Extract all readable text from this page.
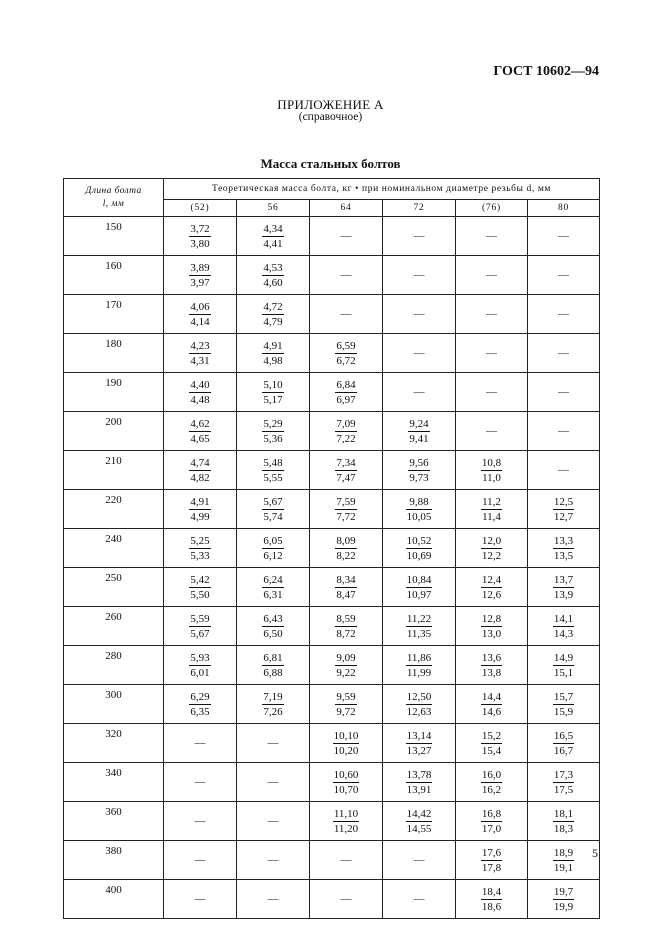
ГОСТ 10602—94
ПРИЛОЖЕНИЕ А
(справочное)
Масса стальных болтов
Длина болта
l, мм	Теоретическая масса болта, кг • при номинальном диаметре резьбы d, мм					
	(52)	56	64	72	(76)	80
150	$\frac{3,72}{3,80}$	$\frac{4,34}{4,41}$	—	—	—	—
160	$\frac{3,89}{3,97}$	$\frac{4,53}{4,60}$	—	—	—	—
170	$\frac{4,06}{4,14}$	$\frac{4,72}{4,79}$	—	—	—	—
180	$\frac{4,23}{4,31}$	$\frac{4,91}{4,98}$	$\frac{6,59}{6,72}$	—	—	—
190	$\frac{4,40}{4,48}$	$\frac{5,10}{5,17}$	$\frac{6,84}{6,97}$	—	—	—
200	$\frac{4,62}{4,65}$	$\frac{5,29}{5,36}$	$\frac{7,09}{7,22}$	$\frac{9,24}{9,41}$	—	—
210	$\frac{4,74}{4,82}$	$\frac{5,48}{5,55}$	$\frac{7,34}{7,47}$	$\frac{9,56}{9,73}$	$\frac{10,8}{11,0}$	—
220	$\frac{4,91}{4,99}$	$\frac{5,67}{5,74}$	$\frac{7,59}{7,72}$	$\frac{9,88}{10,05}$	$\frac{11,2}{11,4}$	$\frac{12,5}{12,7}$

240	$\frac{5,25}{5,33}$	$\frac{6,05}{6,12}$	$\frac{8,09}{8,22}$	$\frac{10,52}{10,69}$	$\frac{12,0}{12,2}$	$\frac{13,3}{13,5}$

250	$\frac{5,42}{5,50}$	$\frac{6,24}{6,31}$	$\frac{8,34}{8,47}$	$\frac{10,84}{10,97}$	$\frac{12,4}{12,6}$	$\frac{13,7}{13,9}$

260	$\frac{5,59}{5,67}$	$\frac{6,43}{6,50}$	$\frac{8,59}{8,72}$	$\frac{11,22}{11,35}$	$\frac{12,8}{13,0}$	$\frac{14,1}{14,3}$

280	$\frac{5,93}{6,01}$	$\frac{6,81}{6,88}$	$\frac{9,09}{9,22}$	$\frac{11,86}{11,99}$	$\frac{13,6}{13,8}$	$\frac{14,9}{15,1}$

300	$\frac{6,29}{6,35}$	$\frac{7,19}{7,26}$	$\frac{9,59}{9,72}$	$\frac{12,50}{12,63}$	$\frac{14,4}{14,6}$	$\frac{15,7}{15,9}$

320	—	—	$\frac{10,10}{10,20}$	$\frac{13,14}{13,27}$	$\frac{15,2}{15,4}$	$\frac{16,5}{16,7}$

340	—	—	$\frac{10,60}{10,70}$	$\frac{13,78}{13,91}$	$\frac{16,0}{16,2}$	$\frac{17,3}{17,5}$

360	—	—	$\frac{11,10}{11,20}$	$\frac{14,42}{14,55}$	$\frac{16,8}{17,0}$	$\frac{18,1}{18,3}$

380	—	—	—	—	$\frac{17,6}{17,8}$	$\frac{18,9}{19,1}$

400	—	—	—	—	$\frac{18,4}{18,6}$	$\frac{19,7}{19,9}$
5
